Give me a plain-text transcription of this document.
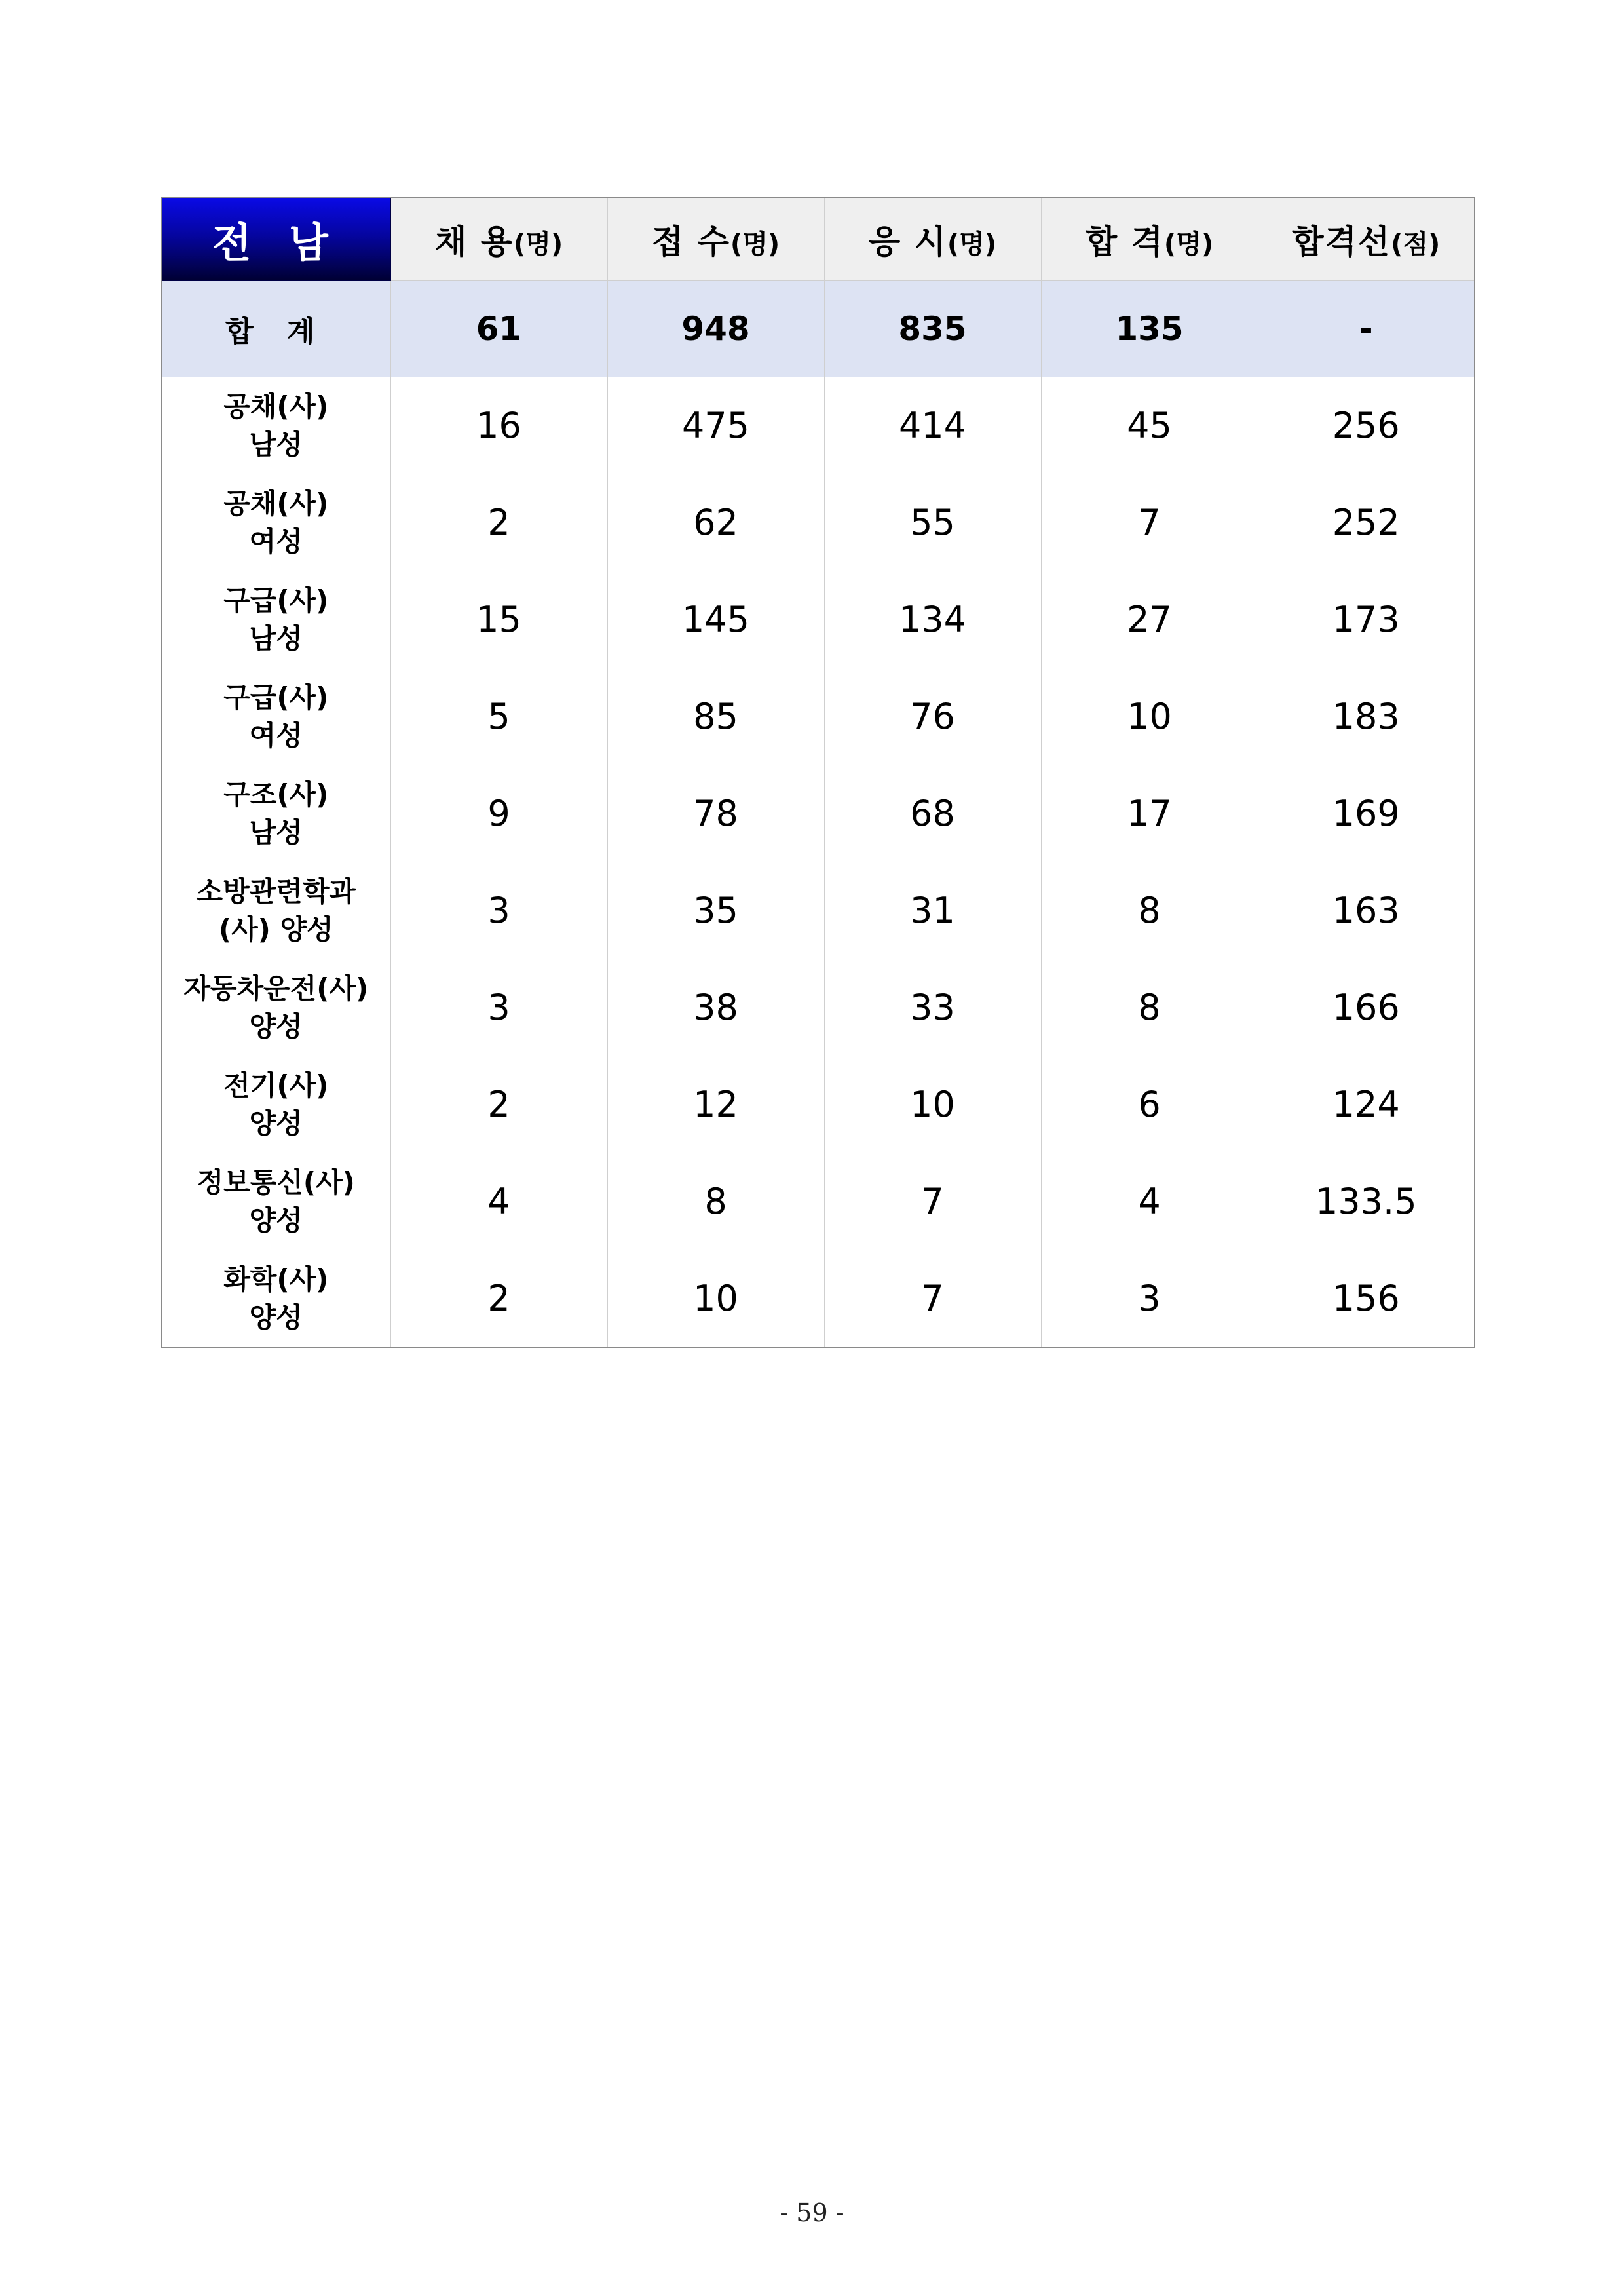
전 남	채 용(명)	접 수(명)	응 시(명)	합 격(명)	합격선(점)
합 계	61	948	835	135	-

공채(사)
남성	16	475	414	45	256

공채(사)
여성	2	62	55	7	252

구급(사)
남성	15	145	134	27	173

구급(사)
여성	5	85	76	10	183

구조(사)
남성	9	78	68	17	169

소방관련학과
(사) 양성	3	35	31	8	163

자동차운전(사)
양성	3	38	33	8	166

전기(사)
양성	2	12	10	6	124

정보통신(사)
양성	4	8	7	4	133.5

화학(사)
양성	2	10	7	3	156
- 59 -
